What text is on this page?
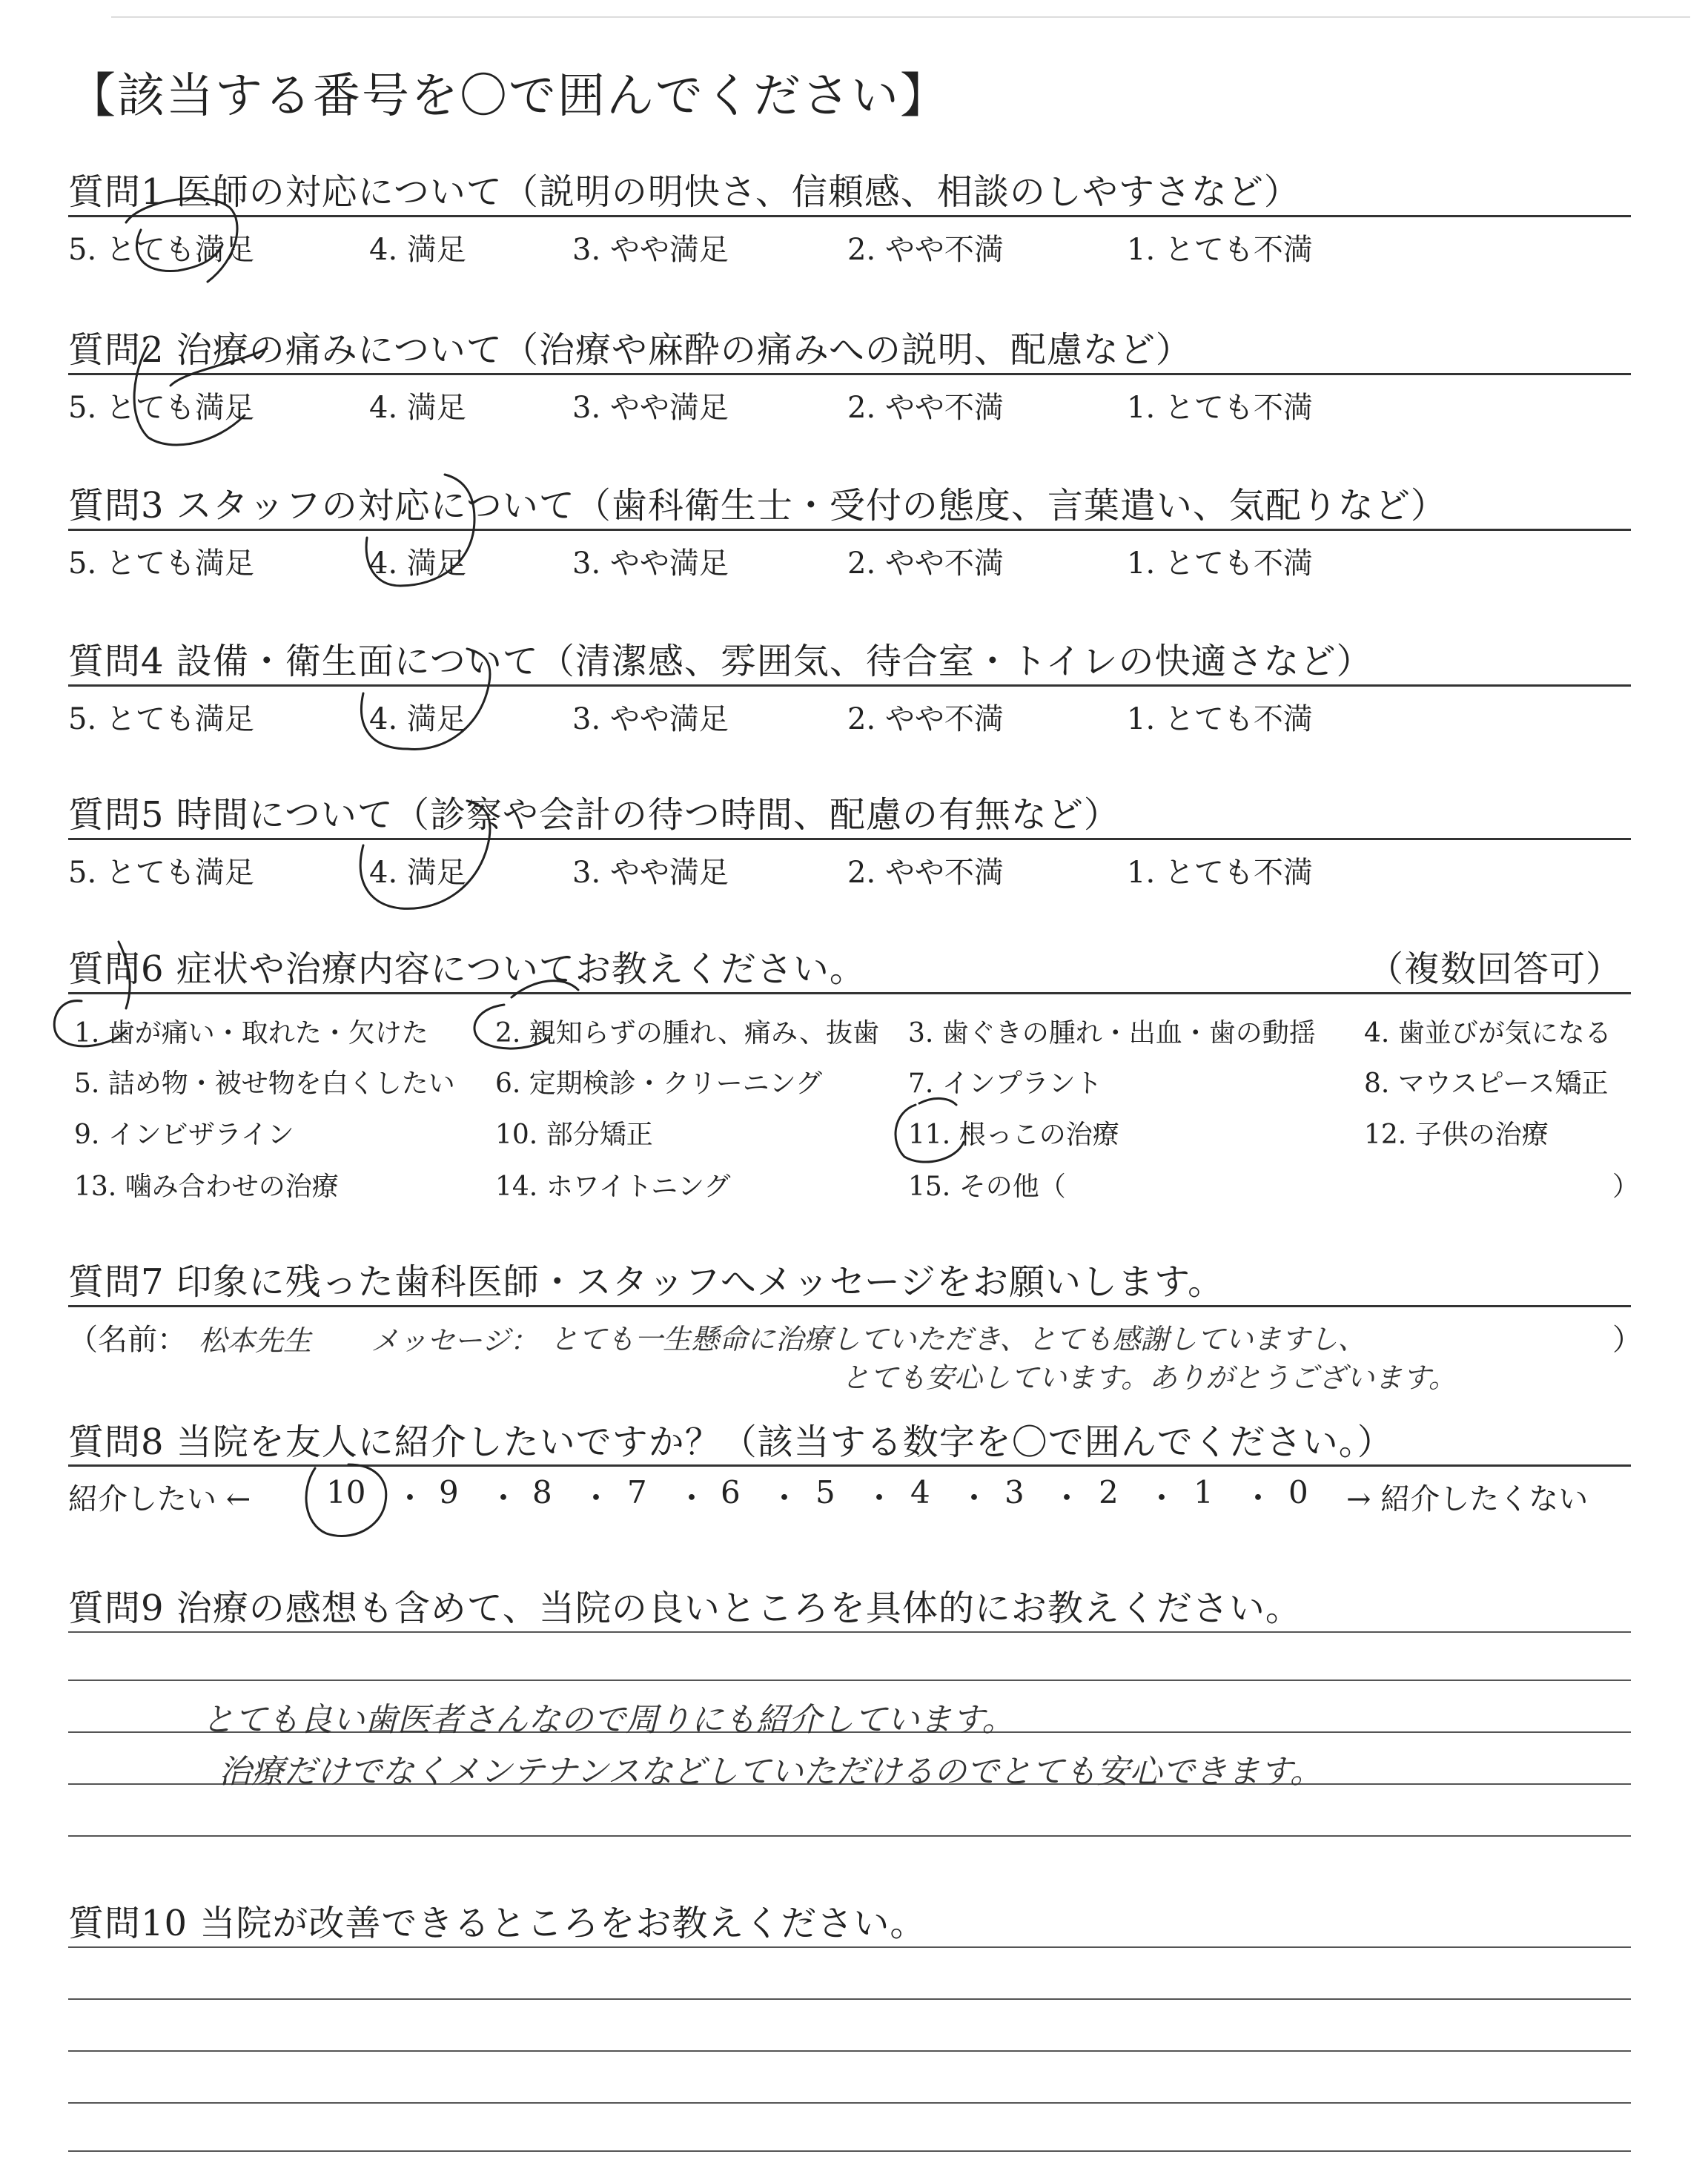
【該当する番号を〇で囲んでください】
質問1 医師の対応について（説明の明快さ、信頼感、相談のしやすさなど）
5. とても満足	4. 満足	3. やや満足	2. やや不満	1. とても不満
質問2 治療の痛みについて（治療や麻酔の痛みへの説明、配慮など）
5. とても満足	4. 満足	3. やや満足	2. やや不満	1. とても不満
質問3 スタッフの対応について（歯科衛生士・受付の態度、言葉遣い、気配りなど）
5. とても満足	4. 満足	3. やや満足	2. やや不満	1. とても不満
質問4 設備・衛生面について（清潔感、雰囲気、待合室・トイレの快適さなど）
5. とても満足	4. 満足	3. やや満足	2. やや不満	1. とても不満
質問5 時間について（診察や会計の待つ時間、配慮の有無など）
5. とても満足	4. 満足	3. やや満足	2. やや不満	1. とても不満
質問6 症状や治療内容についてお教えください。	（複数回答可）
1. 歯が痛い・取れた・欠けた	2. 親知らずの腫れ、痛み、抜歯 3. 歯ぐきの腫れ・出血・歯の動揺 4. 歯並びが気になる
5. 詰め物・被せ物を白くしたい 6. 定期検診・クリーニング	7. インプラント	8. マウスピース矯正
9. インビザライン	10. 部分矯正	11. 根っこの治療	12. 子供の治療
13. 噛み合わせの治療	14. ホワイトニング	15. その他（	）
質問7 印象に残った歯科医師・スタッフへメッセージをお願いします。
（名前： 松本先生 メッセージ： とても一生懸命に治療していただき、とても感謝していますし、
とても安心しています。ありがとうございます。
）
質問8 当院を友人に紹介したいですか？（該当する数字を〇で囲んでください。）
紹介したい ← 10 ・ 9 ・ 8 ・ 7 ・ 6 ・ 5 ・ 4 ・ 3 ・ 2 ・ 1 ・ 0 → 紹介したくない
質問9 治療の感想も含めて、当院の良いところを具体的にお教えください。
とても良い歯医者さんなので周りにも紹介しています。
治療だけでなくメンテナンスなどしていただけるのでとても安心できます。
質問10 当院が改善できるところをお教えください。
